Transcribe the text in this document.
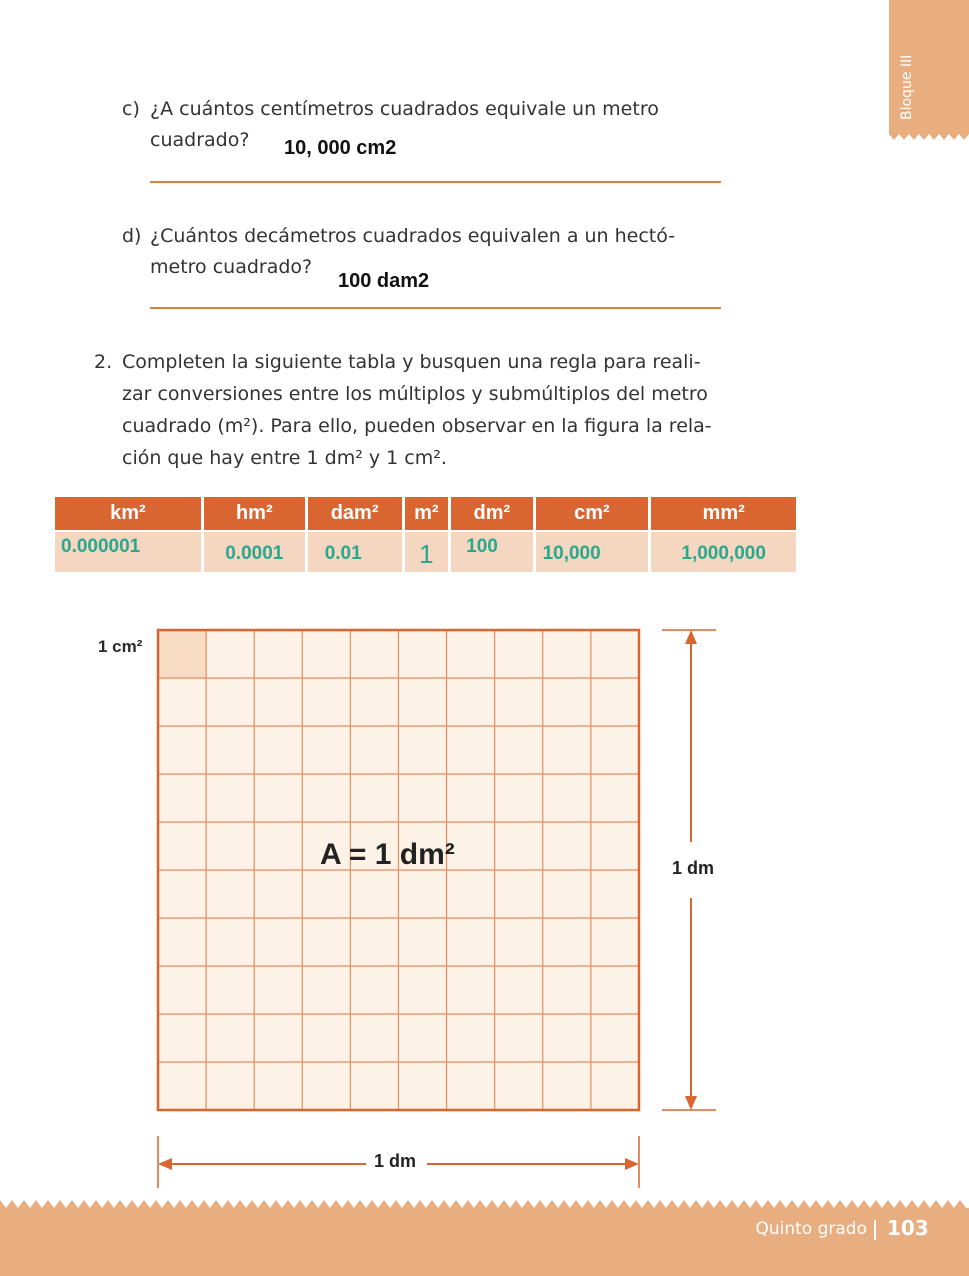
Bloque III
c) ¿A cuántos centímetros cuadrados equivale un metro
cuadrado? 10, 000 cm2
d) ¿Cuántos decámetros cuadrados equivalen a un hectó-
metro cuadrado?
100 dam2
2. Completen la siguiente tabla y busquen una regla para reali-
zar conversiones entre los múltiplos y submúltiplos del metro
cuadrado (m²). Para ello, pueden observar en la figura la rela-
ción que hay entre 1 dm² y 1 cm².
km²	hm²	dam²	m²	dm²	cm²	mm²
0.000001	0.0001	0.01	1	100	10,000	1,000,000
1 cm²
A = 1 dm²	1 dm
1 dm
Quinto grado 103
